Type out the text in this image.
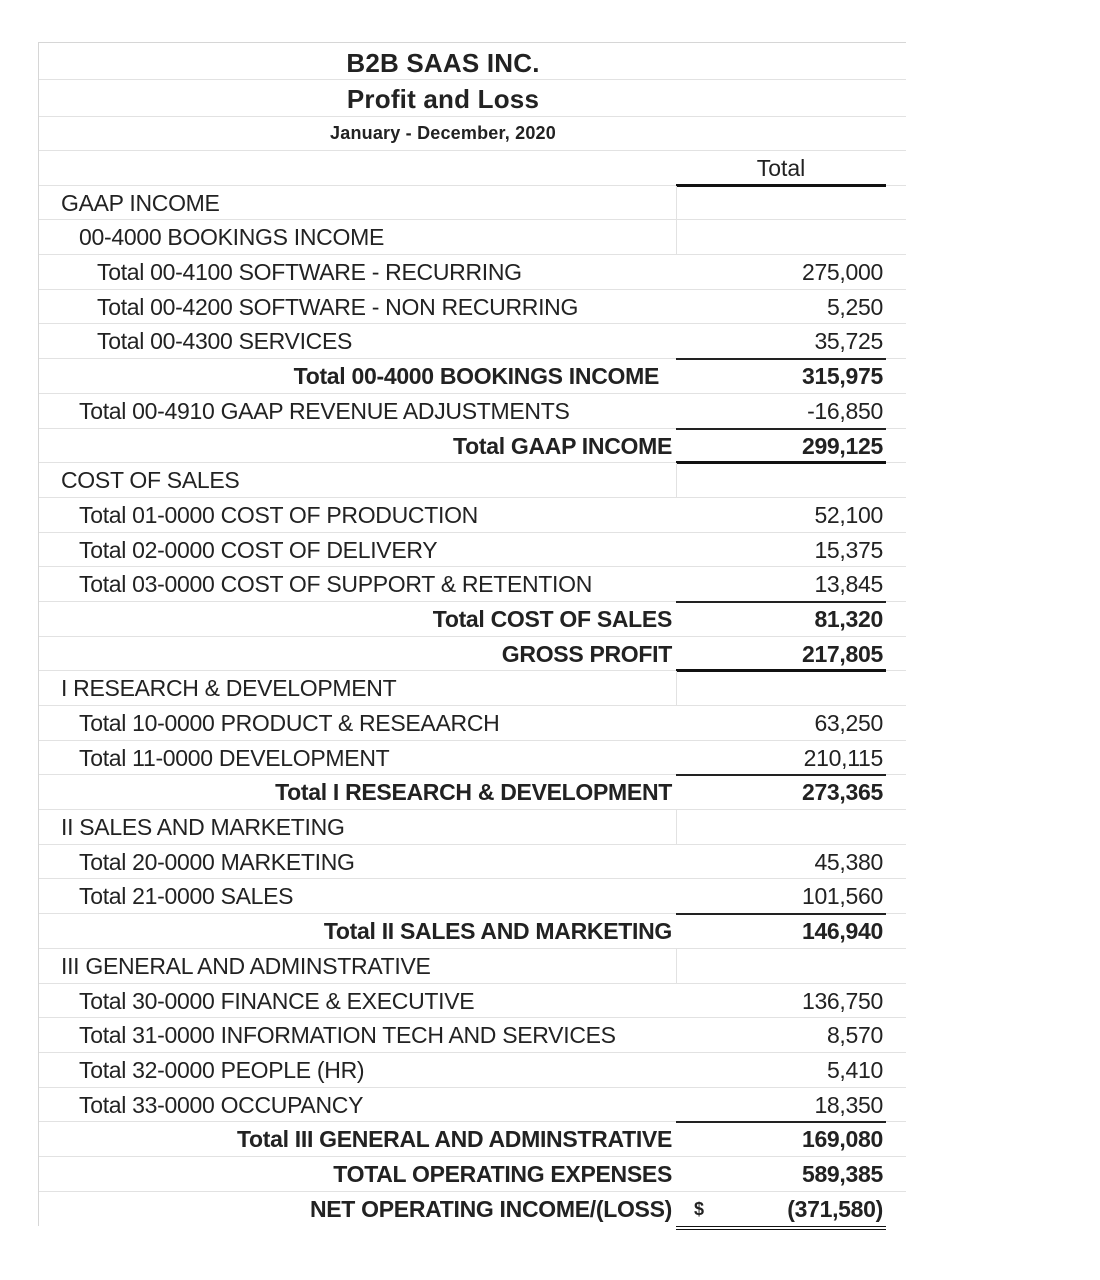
B2B SAAS INC.
Profit and Loss
January - December, 2020
Total
GAAP INCOME
00-4000 BOOKINGS INCOME
Total 00-4100 SOFTWARE - RECURRING	275,000
Total 00-4200 SOFTWARE - NON RECURRING	5,250
Total 00-4300 SERVICES	35,725
Total 00-4000 BOOKINGS INCOME	315,975
Total 00-4910 GAAP REVENUE ADJUSTMENTS	-16,850
Total GAAP INCOME	299,125
COST OF SALES
Total 01-0000 COST OF PRODUCTION	52,100
Total 02-0000 COST OF DELIVERY	15,375
Total 03-0000 COST OF SUPPORT & RETENTION	13,845
Total COST OF SALES	81,320
GROSS PROFIT	217,805
I RESEARCH & DEVELOPMENT
Total 10-0000 PRODUCT & RESEAARCH	63,250
Total 11-0000 DEVELOPMENT	210,115
Total I RESEARCH & DEVELOPMENT	273,365
II SALES AND MARKETING
Total 20-0000 MARKETING	45,380
Total 21-0000 SALES	101,560
Total II SALES AND MARKETING	146,940
III GENERAL AND ADMINSTRATIVE
Total 30-0000 FINANCE & EXECUTIVE	136,750
Total 31-0000 INFORMATION TECH AND SERVICES	8,570
Total 32-0000 PEOPLE (HR)	5,410
Total 33-0000 OCCUPANCY	18,350
Total III GENERAL AND ADMINSTRATIVE	169,080
TOTAL OPERATING EXPENSES	589,385
NET OPERATING INCOME/(LOSS) $	(371,580)
